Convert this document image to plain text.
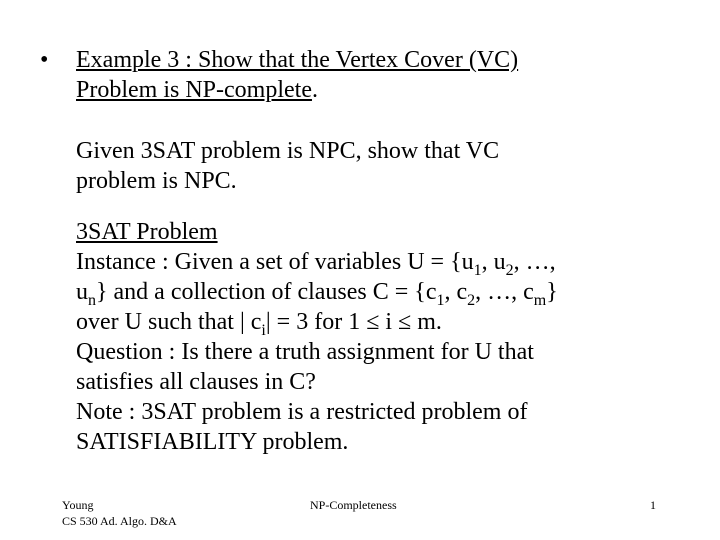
• Example 3 : Show that the Vertex Cover (VC)
Problem is NP-complete.
Given 3SAT problem is NPC, show that VC
problem is NPC.
3SAT Problem
Instance : Given a set of variables $U = \{u_1$, $u_2$, …,
$u_n$} and a collection of clauses $C = \{c_1$, $c_2$, …, $c_m$}
over U such that | $c_i| = 3$ for 1 ≤ i ≤ m.
Question : Is there a truth assignment for U that
satisfies all clauses in C?
Note : 3SAT problem is a restricted problem of
SATISFIABILITY problem.
Young
CS 530 Ad. Algo. D&A
NP-Completeness	1
